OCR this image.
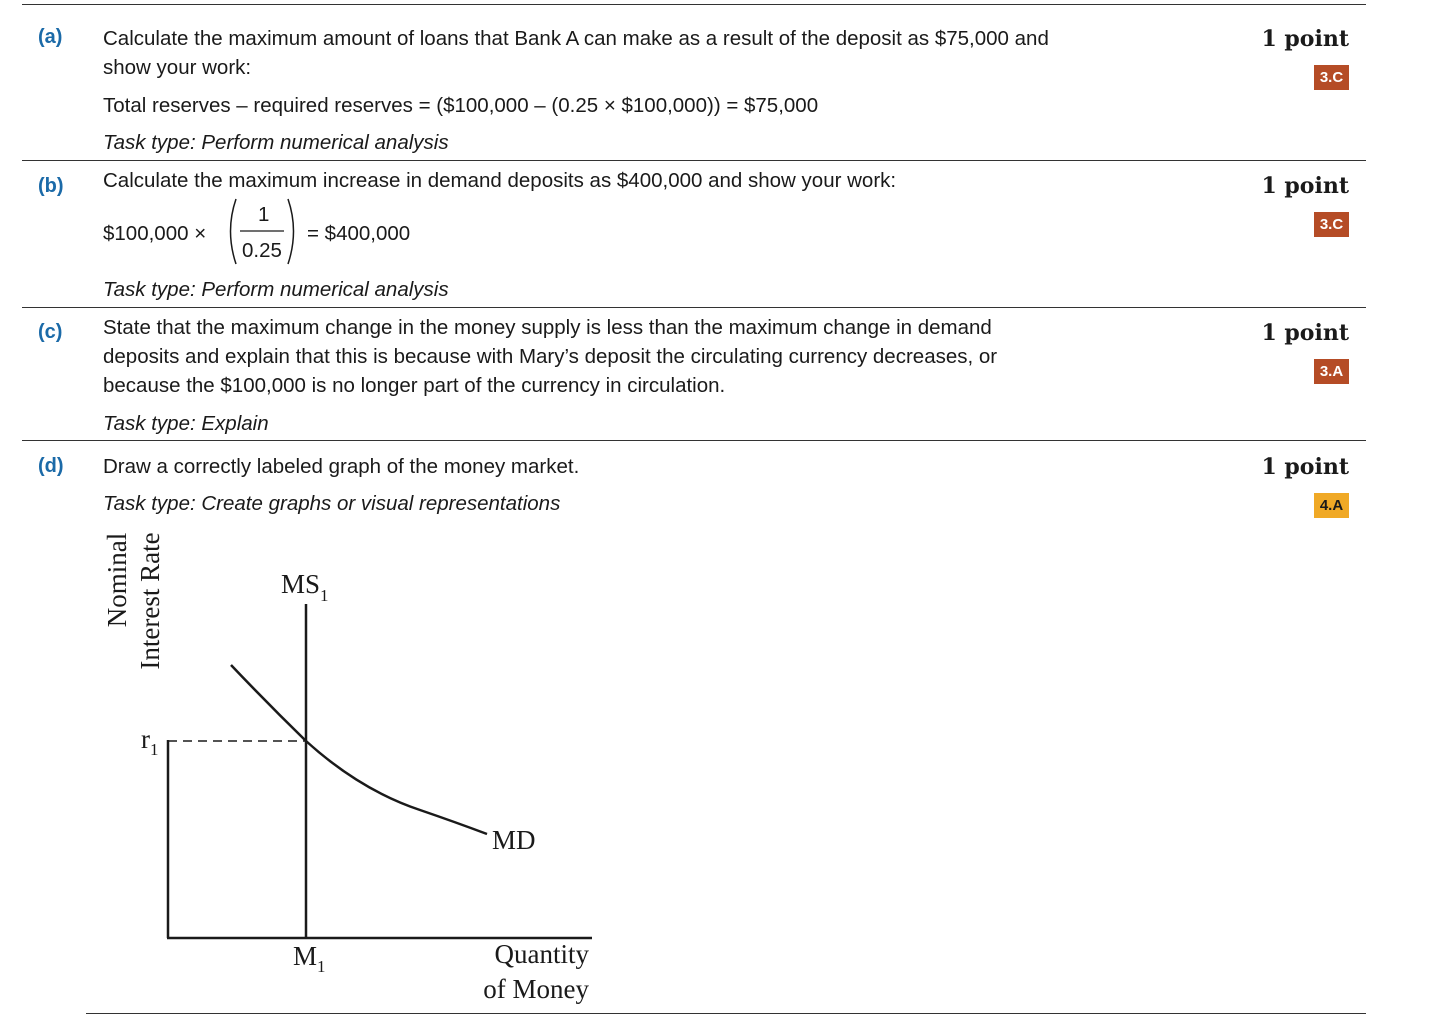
(a) Calculate the maximum amount of loans that Bank A can make as a result of the deposit as $75,000 and
show your work:
Total reserves – required reserves = ($100,000 – (0.25 × $100,000)) = $75,000
Task type: Perform numerical analysis
1 point
3.C
(b) Calculate the maximum increase in demand deposits as $400,000 and show your work:
$100,000 ×
1
0.25
= $400,000
Task type: Perform numerical analysis
1 point
3.C
(c) State that the maximum change in the money supply is less than the maximum change in demand
deposits and explain that this is because with Mary’s deposit the circulating currency decreases, or
because the $100,000 is no longer part of the currency in circulation.
Task type: Explain
1 point
3.A
(d) Draw a correctly labeled graph of the money market.
Task type: Create graphs or visual representations
1 point
4.A
Nominal Interest Rate	$MS_1$
$r_1$
MD
$M_1$	Quantity
of Money
